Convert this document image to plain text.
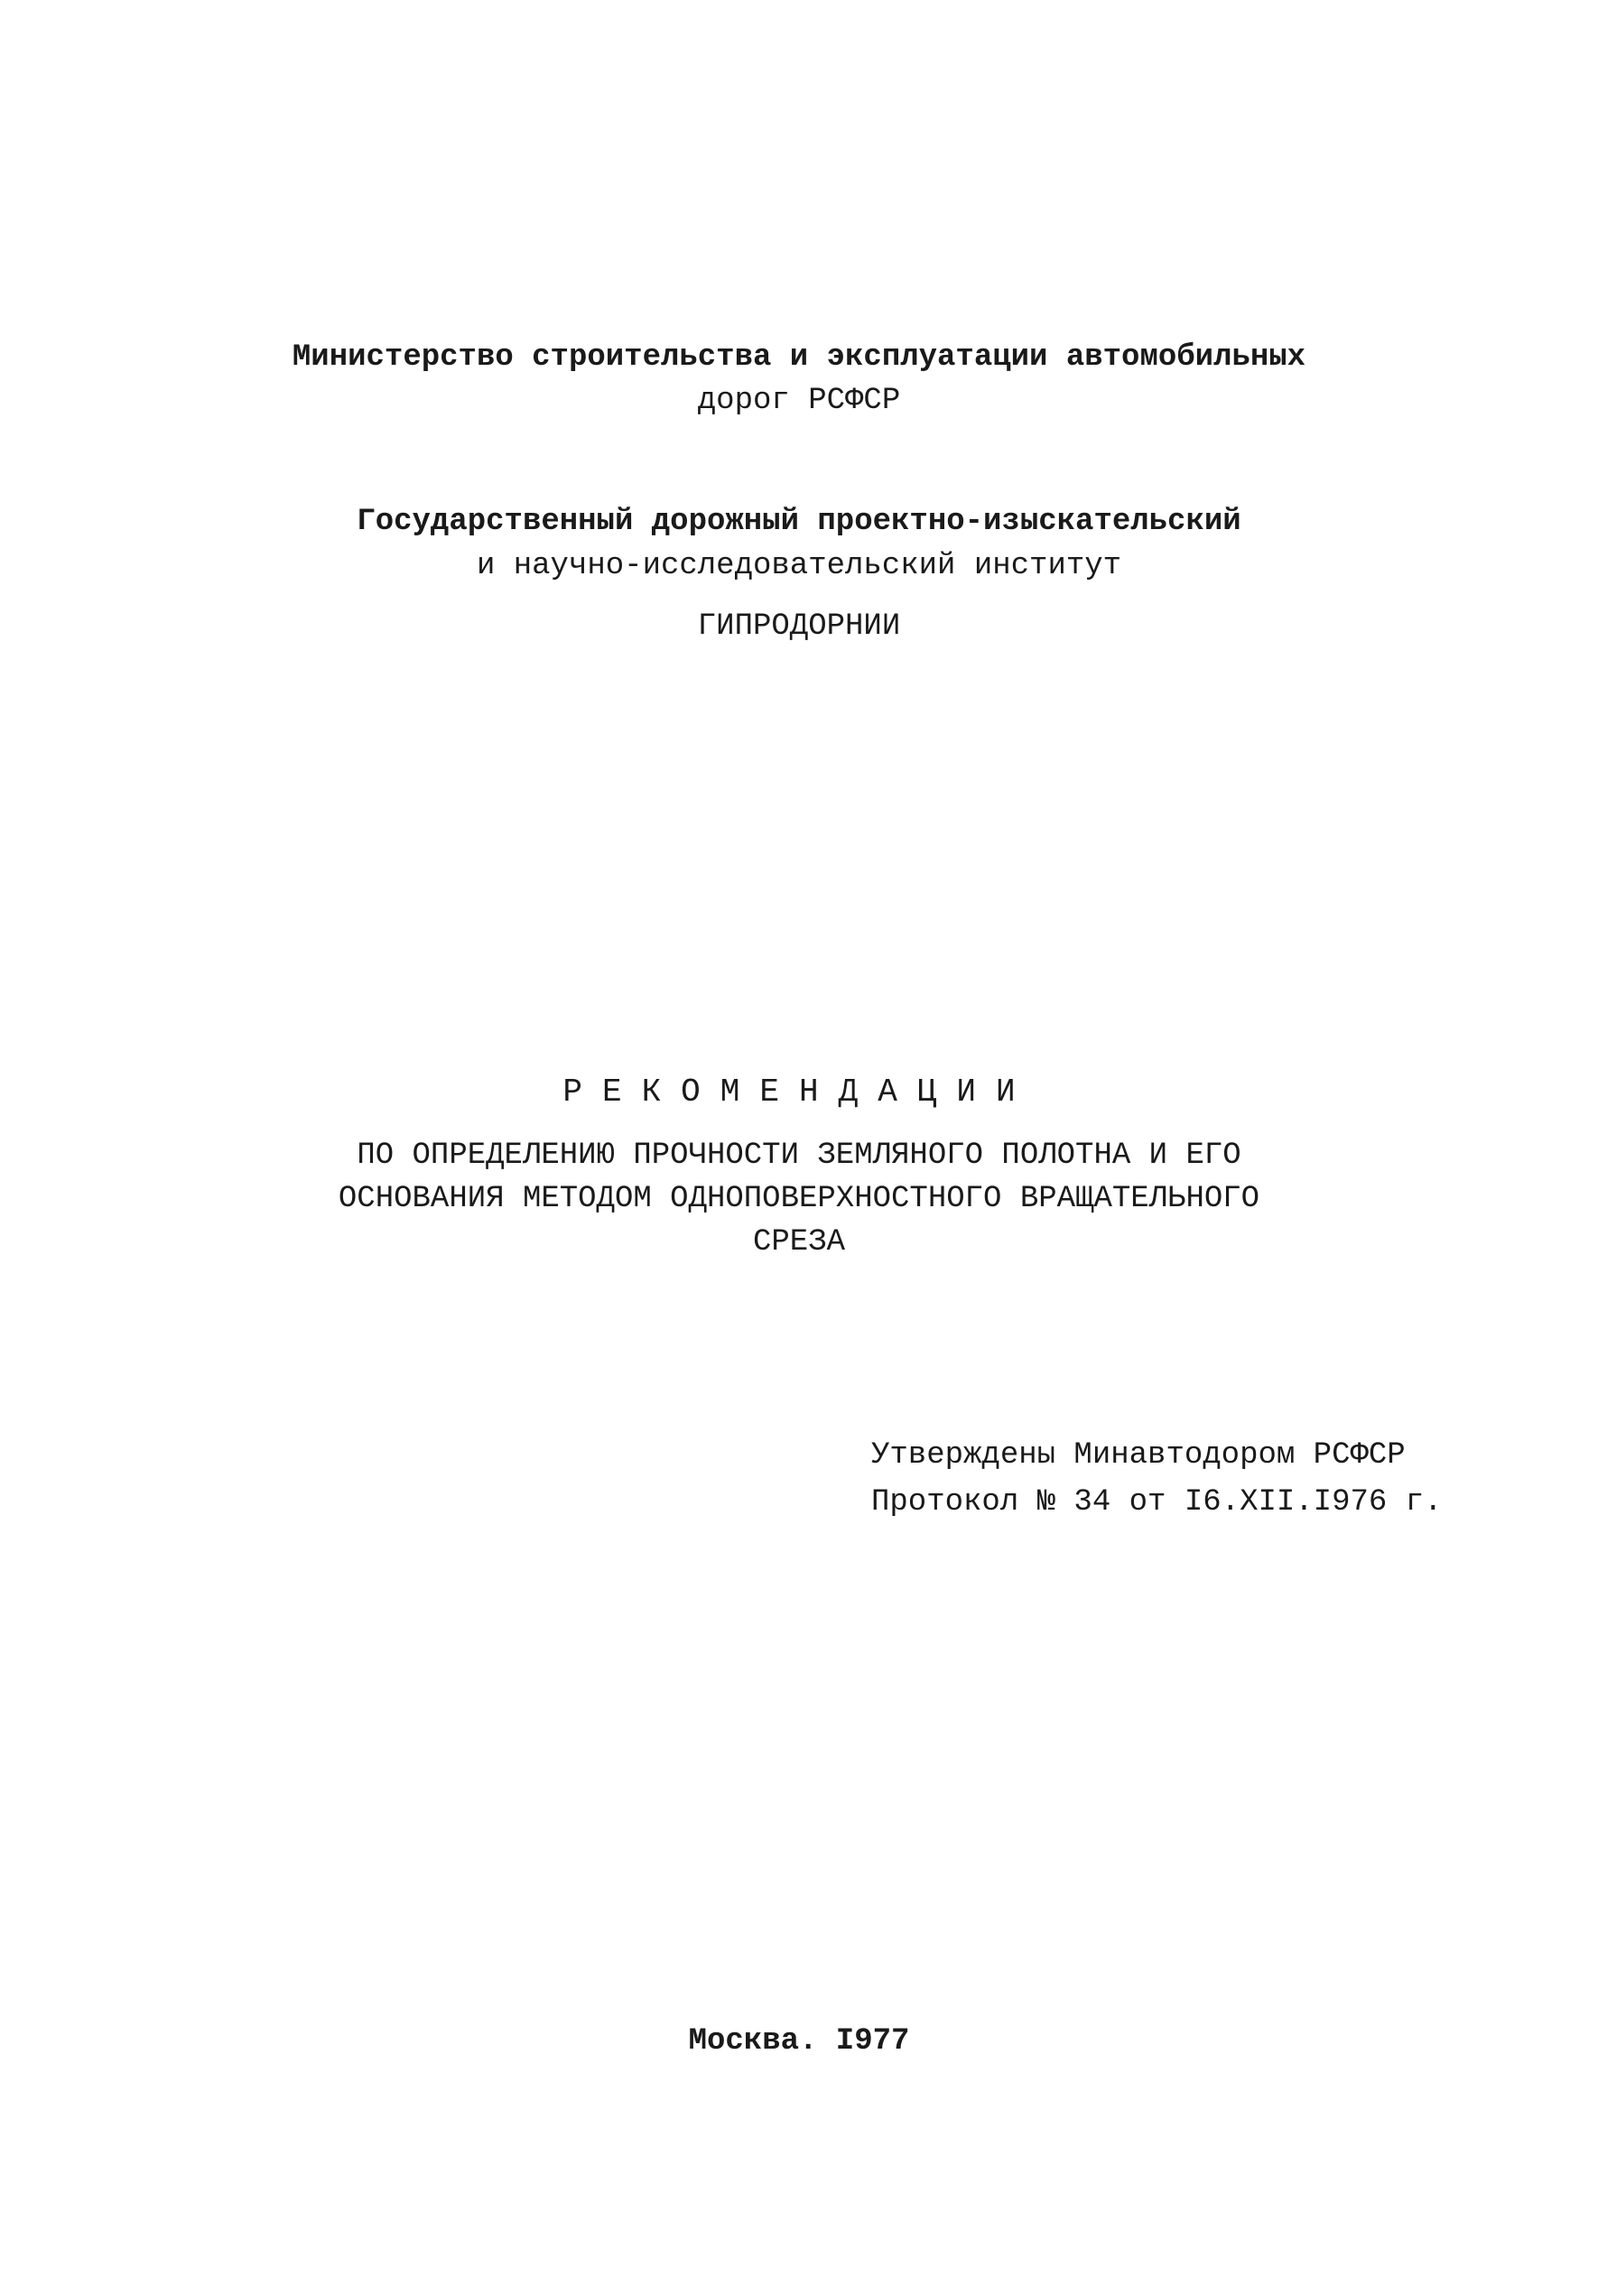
Министерство строительства и эксплуатации автомобильных
дорог РСФСР
Государственный дорожный проектно-изыскательский
и научно-исследовательский институт
ГИПРОДОРНИИ
РЕКОМЕНДАЦИИ
ПО ОПРЕДЕЛЕНИЮ ПРОЧНОСТИ ЗЕМЛЯНОГО ПОЛОТНА И ЕГО
ОСНОВАНИЯ МЕТОДОМ ОДНОПОВЕРХНОСТНОГО ВРАЩАТЕЛЬНОГО
СРЕЗА
Утверждены Минавтодором РСФСР
Протокол № 34 от I6.XII.I976 г.
Москва. I977
